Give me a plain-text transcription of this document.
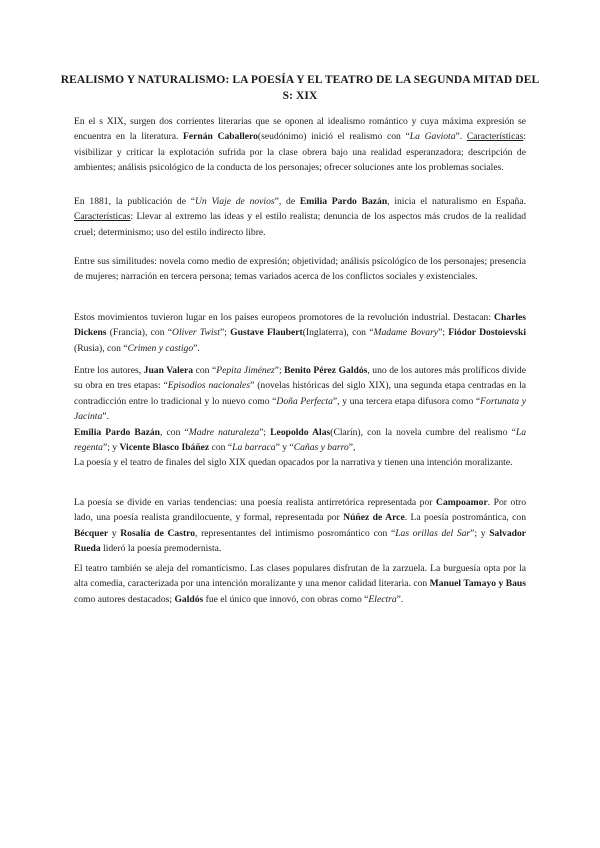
REALISMO Y NATURALISMO: LA POESÍA Y EL TEATRO DE LA SEGUNDA MITAD DEL S: XIX

En el s XIX, surgen dos corrientes literarias que se oponen al idealismo romántico y cuya máxima expresión se encuentra en la literatura. Fernán Caballero(seudónimo) inició el realismo con “La Gaviota”. Características: visibilizar y criticar la explotación sufrida por la clase obrera bajo una realidad esperanzadora; descripción de ambientes; análisis psicológico de la conducta de los personajes; ofrecer soluciones ante los problemas sociales.

En 1881, la publicación de “Un Viaje de novios”, de Emilia Pardo Bazán, inicia el naturalismo en España. Características: Llevar al extremo las ideas y el estilo realista; denuncia de los aspectos más crudos de la realidad cruel; determinismo; uso del estilo indirecto libre.

Entre sus similitudes: novela como medio de expresión; objetividad; análisis psicológico de los personajes; presencia de mujeres; narración en tercera persona; temas variados acerca de los conflictos sociales y existenciales.

Estos movimientos tuvieron lugar en los países europeos promotores de la revolución industrial. Destacan: Charles Dickens (Francia), con “Oliver Twist”; Gustave Flaubert(Inglaterra), con “Madame Bovary”; Fiódor Dostoievski (Rusia), con “Crimen y castigo”.

Entre los autores, Juan Valera con “Pepita Jiménez”; Benito Pérez Galdós, uno de los autores más prolíficos divide su obra en tres etapas: “Episodios nacionales” (novelas históricas del siglo XIX), una segunda etapa centradas en la contradicción entre lo tradicional y lo nuevo como “Doña Perfecta”, y una tercera etapa difusora como “Fortunata y Jacinta”.

Emilia Pardo Bazán, con “Madre naturaleza”; Leopoldo Alas(Clarín), con la novela cumbre del realismo “La regenta”; y Vicente Blasco Ibáñez con “La barraca” y “Cañas y barro”,

La poesía y el teatro de finales del siglo XIX quedan opacados por la narrativa y tienen una intención moralizante.

La poesía se divide en varias tendencias: una poesía realista antirretórica representada por Campoamor. Por otro lado, una poesía realista grandilocuente, y formal, representada por Núñez de Arce. La poesía postromántica, con Bécquer y Rosalía de Castro, representantes del intimismo posromántico con “Las orillas del Sar”; y Salvador Rueda lideró la poesía premodernista.

El teatro también se aleja del romanticismo. Las clases populares disfrutan de la zarzuela. La burguesía opta por la alta comedia, caracterizada por una intención moralizante y una menor calidad literaria. con Manuel Tamayo y Baus como autores destacados; Galdós fue el único que innovó, con obras como “Electra”.
